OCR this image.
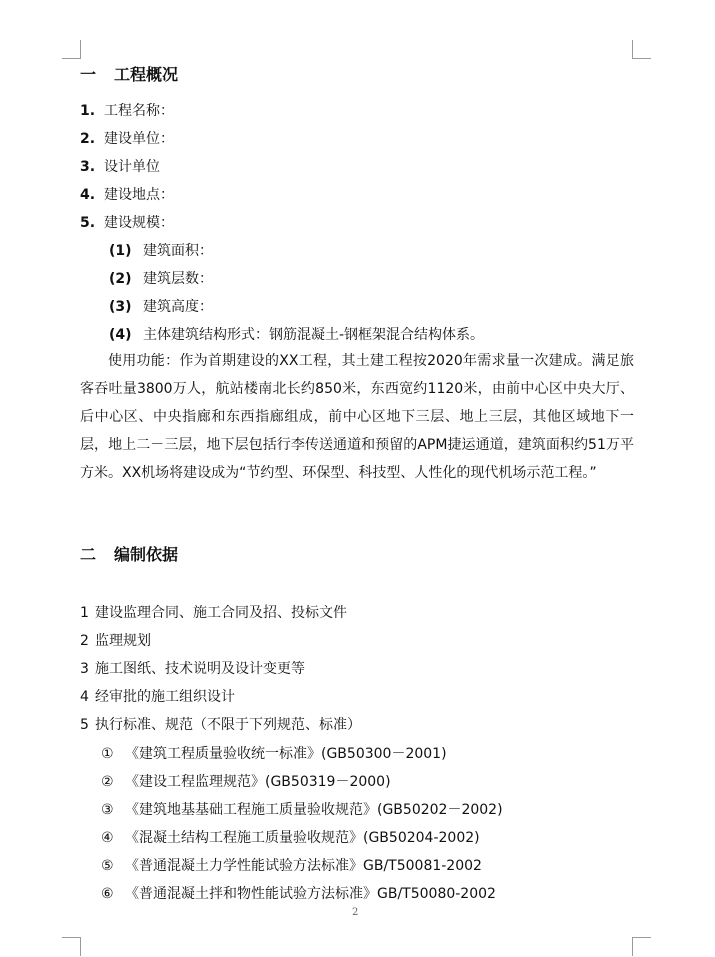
一 工程概况
1. 工程名称：
2. 建设单位：
3. 设计单位
4. 建设地点：
5. 建设规模：
(1) 建筑面积：
(2) 建筑层数：
(3) 建筑高度：
(4) 主体建筑结构形式：钢筋混凝土-钢框架混合结构体系。

使用功能：作为首期建设的XX工程，其土建工程按2020年需求量一次建成。满足旅客吞吐量3800万人，航站楼南北长约850米，东西宽约1120米，由前中心区中央大厅、后中心区、中央指廊和东西指廊组成，前中心区地下三层、地上三层，其他区域地下一层，地上二－三层，地下层包括行李传送通道和预留的APM捷运通道，建筑面积约51万平方米。XX机场将建设成为“节约型、环保型、科技型、人性化的现代机场示范工程。”

二 编制依据
1 建设监理合同、施工合同及招、投标文件
2 监理规划
3 施工图纸、技术说明及设计变更等
4 经审批的施工组织设计
5 执行标准、规范（不限于下列规范、标准）
① 《建筑工程质量验收统一标准》(GB50300－2001)
② 《建设工程监理规范》(GB50319－2000)
③ 《建筑地基基础工程施工质量验收规范》(GB50202－2002)
④ 《混凝土结构工程施工质量验收规范》(GB50204-2002)
⑤ 《普通混凝土力学性能试验方法标准》GB/T50081-2002
⑥ 《普通混凝土拌和物性能试验方法标准》GB/T50080-2002
2
